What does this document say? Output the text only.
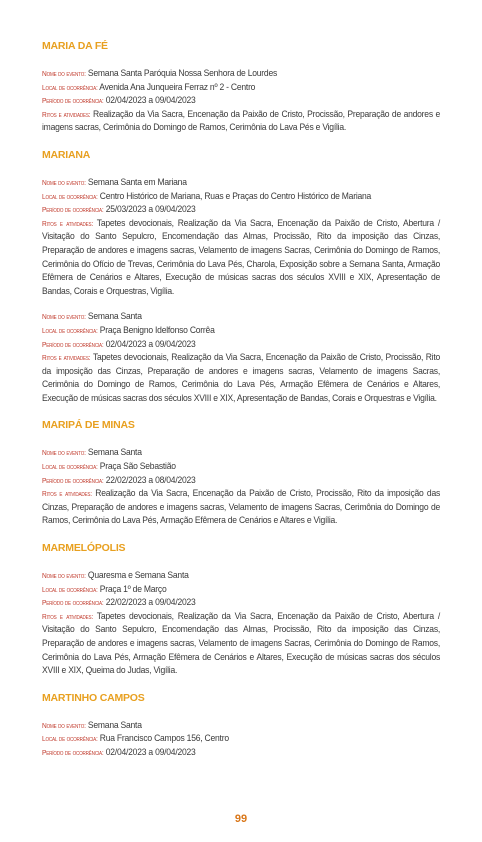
MARIA DA FÉ
Nome do evento: Semana Santa Paróquia Nossa Senhora de Lourdes
Local de ocorrência: Avenida Ana Junqueira Ferraz nº 2 - Centro
Período de ocorrência: 02/04/2023 a 09/04/2023
Ritos e atividades: Realização da Via Sacra, Encenação da Paixão de Cristo, Procissão, Preparação de andores e imagens sacras, Cerimônia do Domingo de Ramos, Cerimônia do Lava Pés e Vigília.
MARIANA
Nome do evento: Semana Santa em Mariana
Local de ocorrência: Centro Histórico de Mariana, Ruas e Praças do Centro Histórico de Mariana
Período de ocorrência: 25/03/2023 a 09/04/2023
Ritos e atividades: Tapetes devocionais, Realização da Via Sacra, Encenação da Paixão de Cristo, Abertura / Visitação do Santo Sepulcro, Encomendação das Almas, Procissão, Rito da imposição das Cinzas, Preparação de andores e imagens sacras, Velamento de imagens Sacras, Cerimônia do Domingo de Ramos, Cerimônia do Ofício de Trevas, Cerimônia do Lava Pés, Charola, Exposição sobre a Semana Santa, Armação Efêmera de Cenários e Altares, Execução de músicas sacras dos séculos XVIII e XIX, Apresentação de Bandas, Corais e Orquestras, Vigília.
Nome do evento: Semana Santa
Local de ocorrência: Praça Benigno Idelfonso Corrêa
Período de ocorrência: 02/04/2023 a 09/04/2023
Ritos e atividades: Tapetes devocionais, Realização da Via Sacra, Encenação da Paixão de Cristo, Procissão, Rito da imposição das Cinzas, Preparação de andores e imagens sacras, Velamento de imagens Sacras, Cerimônia do Domingo de Ramos, Cerimônia do Lava Pés, Armação Efêmera de Cenários e Altares, Execução de músicas sacras dos séculos XVIII e XIX, Apresentação de Bandas, Corais e Orquestras e Vigília.
MARIPÁ DE MINAS
Nome do evento: Semana Santa
Local de ocorrência: Praça São Sebastião
Período de ocorrência: 22/02/2023 a 08/04/2023
Ritos e atividades: Realização da Via Sacra, Encenação da Paixão de Cristo, Procissão, Rito da imposição das Cinzas, Preparação de andores e imagens sacras, Velamento de imagens Sacras, Cerimônia do Domingo de Ramos, Cerimônia do Lava Pés, Armação Efêmera de Cenários e Altares e Vigília.
MARMELÓPOLIS
Nome do evento: Quaresma e Semana Santa
Local de ocorrência: Praça 1º de Março
Período de ocorrência: 22/02/2023 a 09/04/2023
Ritos e atividades: Tapetes devocionais, Realização da Via Sacra, Encenação da Paixão de Cristo, Abertura / Visitação do Santo Sepulcro, Encomendação das Almas, Procissão, Rito da imposição das Cinzas, Preparação de andores e imagens sacras, Velamento de imagens Sacras, Cerimônia do Domingo de Ramos, Cerimônia do Lava Pés, Armação Efêmera de Cenários e Altares, Execução de músicas sacras dos séculos XVIII e XIX, Queima do Judas, Vigília.
MARTINHO CAMPOS
Nome do evento: Semana Santa
Local de ocorrência: Rua Francisco Campos 156, Centro
Período de ocorrência: 02/04/2023 a 09/04/2023
99
